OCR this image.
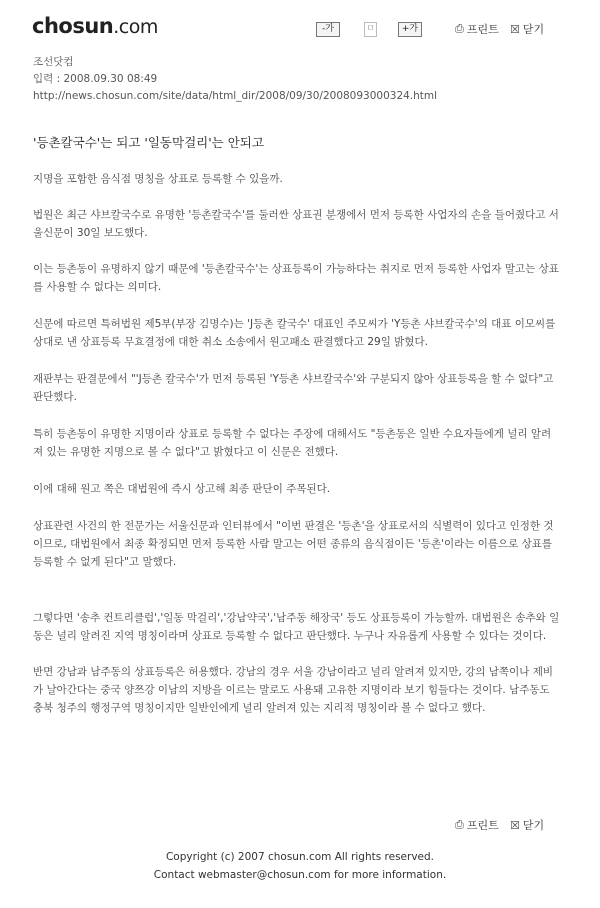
chosun.com	-가	ㅁ	+가	⎙ 프린트 ☒ 닫기
조선닷컴
입력 : 2008.09.30 08:49
http://news.chosun.com/site/data/html_dir/2008/09/30/2008093000324.html
'등촌칼국수'는 되고 '일동막걸리'는 안되고

지명을 포함한 음식점 명칭을 상표로 등록할 수 있을까.

법원은 최근 샤브칼국수로 유명한 '등촌칼국수'를 둘러싼 상표권 분쟁에서 먼저 등록한 사업자의 손을 들어줬다고 서울신문이 30일 보도했다.

이는 등촌동이 유명하지 않기 때문에 '등촌칼국수'는 상표등록이 가능하다는 취지로 먼저 등록한 사업자 말고는 상표를 사용할 수 없다는 의미다.

신문에 따르면 특허법원 제5부(부장 김명수)는 'J등촌 칼국수' 대표인 주모씨가 'Y등촌 샤브칼국수'의 대표 이모씨를 상대로 낸 상표등록 무효결정에 대한 취소 소송에서 원고패소 판결했다고 29일 밝혔다.

재판부는 판결문에서 "'J등촌 칼국수'가 먼저 등록된 'Y등촌 샤브칼국수'와 구분되지 않아 상표등록을 할 수 없다"고 판단했다.

특히 등촌동이 유명한 지명이라 상표로 등록할 수 없다는 주장에 대해서도 "등촌동은 일반 수요자들에게 널리 알려져 있는 유명한 지명으로 볼 수 없다"고 밝혔다고 이 신문은 전했다.

이에 대해 원고 쪽은 대법원에 즉시 상고해 최종 판단이 주목된다.

상표관련 사건의 한 전문가는 서울신문과 인터뷰에서 "이번 판결은 '등촌'을 상표로서의 식별력이 있다고 인정한 것이므로, 대법원에서 최종 확정되면 먼저 등록한 사람 말고는 어떤 종류의 음식점이든 '등촌'이라는 이름으로 상표를 등록할 수 없게 된다"고 말했다.

그렇다면 '송추 컨트리클럽','일동 막걸리','강남약국','남주동 해장국' 등도 상표등록이 가능할까. 대법원은 송추와 일동은 널리 알려진 지역 명칭이라며 상표로 등록할 수 없다고 판단했다. 누구나 자유롭게 사용할 수 있다는 것이다.

반면 강남과 남주동의 상표등록은 허용했다. 강남의 경우 서울 강남이라고 널리 알려져 있지만, 강의 남쪽이나 제비가 날아간다는 중국 양쯔강 이남의 지방을 이르는 말로도 사용돼 고유한 지명이라 보기 힘들다는 것이다. 남주동도 충북 청주의 행정구역 명칭이지만 일반인에게 널리 알려져 있는 지리적 명칭이라 볼 수 없다고 했다.

⎙ 프린트 ☒ 닫기
Copyright (c) 2007 chosun.com All rights reserved.
Contact webmaster@chosun.com for more information.
